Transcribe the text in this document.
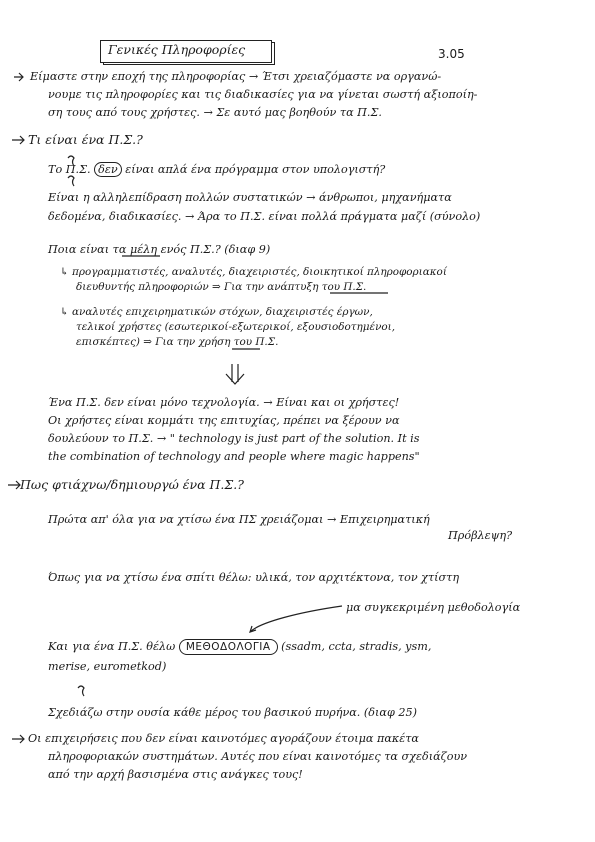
Γενικές Πληροφορίες	3.05
Είμαστε στην εποχή της πληροφορίας → Έτσι χρειαζόμαστε να οργανώ-
νουμε τις πληροφορίες και τις διαδικασίες για να γίνεται σωστή αξιοποίη-
ση τους από τους χρήστες. → Σε αυτό μας βοηθούν τα Π.Σ.
Τι είναι ένα Π.Σ.?
Το Π.Σ. δεν είναι απλά ένα πρόγραμμα στον υπολογιστή?
Είναι η αλληλεπίδραση πολλών συστατικών → άνθρωποι, μηχανήματα
δεδομένα, διαδικασίες. → Άρα το Π.Σ. είναι πολλά πράγματα μαζί (σύνολο)
Ποια είναι τα μέλη ενός Π.Σ.? (διαφ 9)
↳ προγραμματιστές, αναλυτές, διαχειριστές, διοικητικοί πληροφοριακοί
διευθυντής πληροφοριών ⇒ Για την ανάπτυξη του Π.Σ.
↳ αναλυτές επιχειρηματικών στόχων, διαχειριστές έργων,
τελικοί χρήστες (εσωτερικοί-εξωτερικοί, εξουσιοδοτημένοι,
επισκέπτες) ⇒ Για την χρήση του Π.Σ.
Ένα Π.Σ. δεν είναι μόνο τεχνολογία. → Είναι και οι χρήστες!
Οι χρήστες είναι κομμάτι της επιτυχίας, πρέπει να ξέρουν να
δουλεύουν το Π.Σ. → " technology is just part of the solution. It is
the combination of technology and people where magic happens"
Πως φτιάχνω/δημιουργώ ένα Π.Σ.?
Πρώτα απ' όλα για να χτίσω ένα ΠΣ χρειάζομαι → Επιχειρηματική
Πρόβλεψη?
Όπως για να χτίσω ένα σπίτι θέλω: υλικά, τον αρχιτέκτονα, τον χτίστη
μα συγκεκριμένη μεθοδολογία
Και για ένα Π.Σ. θέλω ΜΕΘΟΔΟΛΟΓΙΑ (ssadm, ccta, stradis, ysm,
merise, eurometkod)
Σχεδιάζω στην ουσία κάθε μέρος του βασικού πυρήνα. (διαφ 25)
Οι επιχειρήσεις που δεν είναι καινοτόμες αγοράζουν έτοιμα πακέτα
πληροφοριακών συστημάτων. Αυτές που είναι καινοτόμες τα σχεδιάζουν
από την αρχή βασισμένα στις ανάγκες τους!
